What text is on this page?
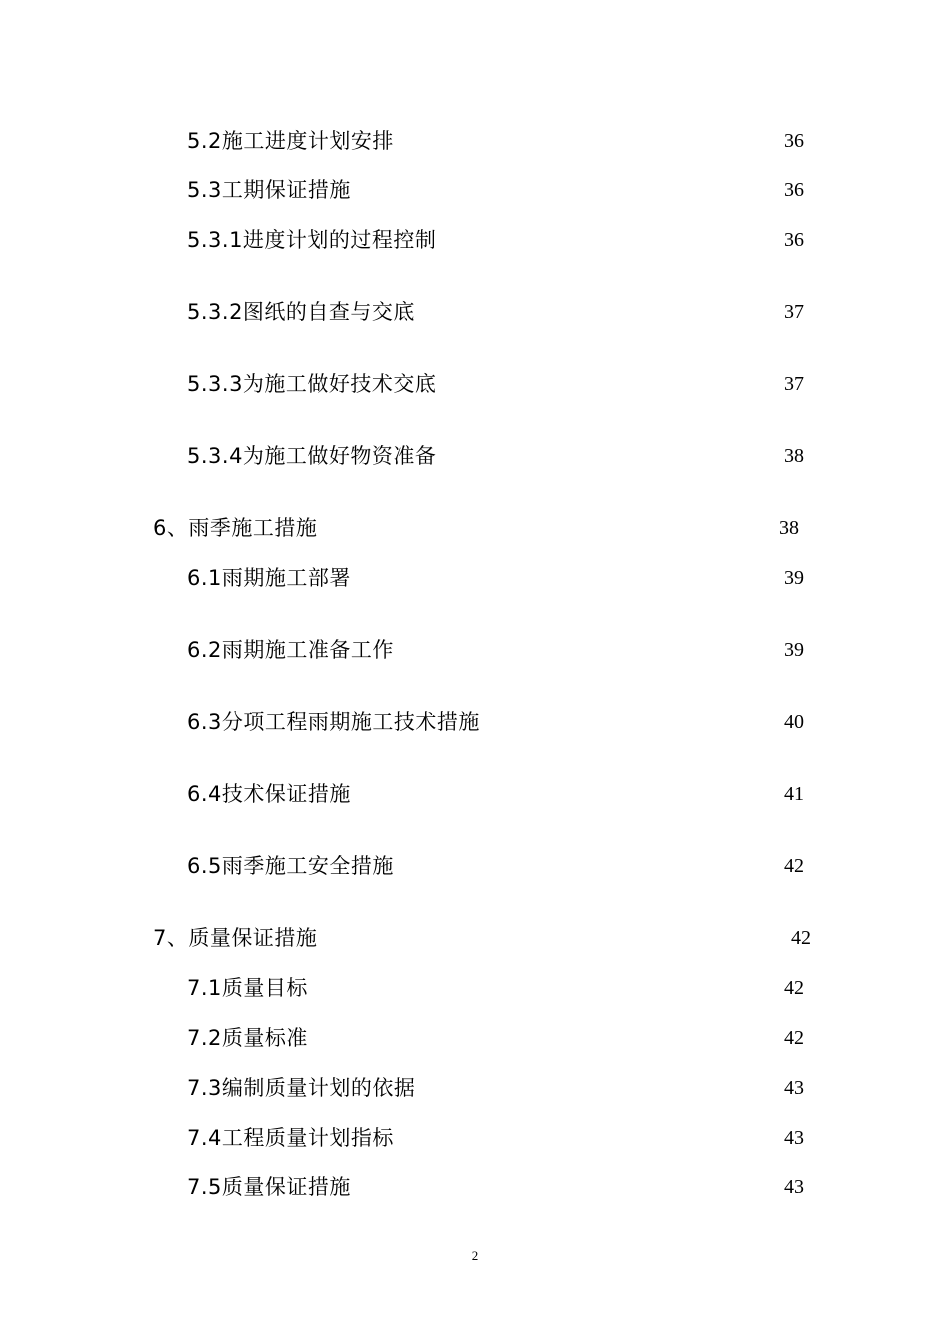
5.2施工进度计划安排	36
5.3工期保证措施	36
5.3.1进度计划的过程控制	36
5.3.2图纸的自查与交底	37
5.3.3为施工做好技术交底	37
5.3.4为施工做好物资准备	38
6、雨季施工措施	38
6.1雨期施工部署	39
6.2雨期施工准备工作	39
6.3分项工程雨期施工技术措施	40
6.4技术保证措施	41
6.5雨季施工安全措施	42
7、质量保证措施	42
7.1质量目标	42
7.2质量标准	42
7.3编制质量计划的依据	43
7.4工程质量计划指标	43
7.5质量保证措施	43
2
